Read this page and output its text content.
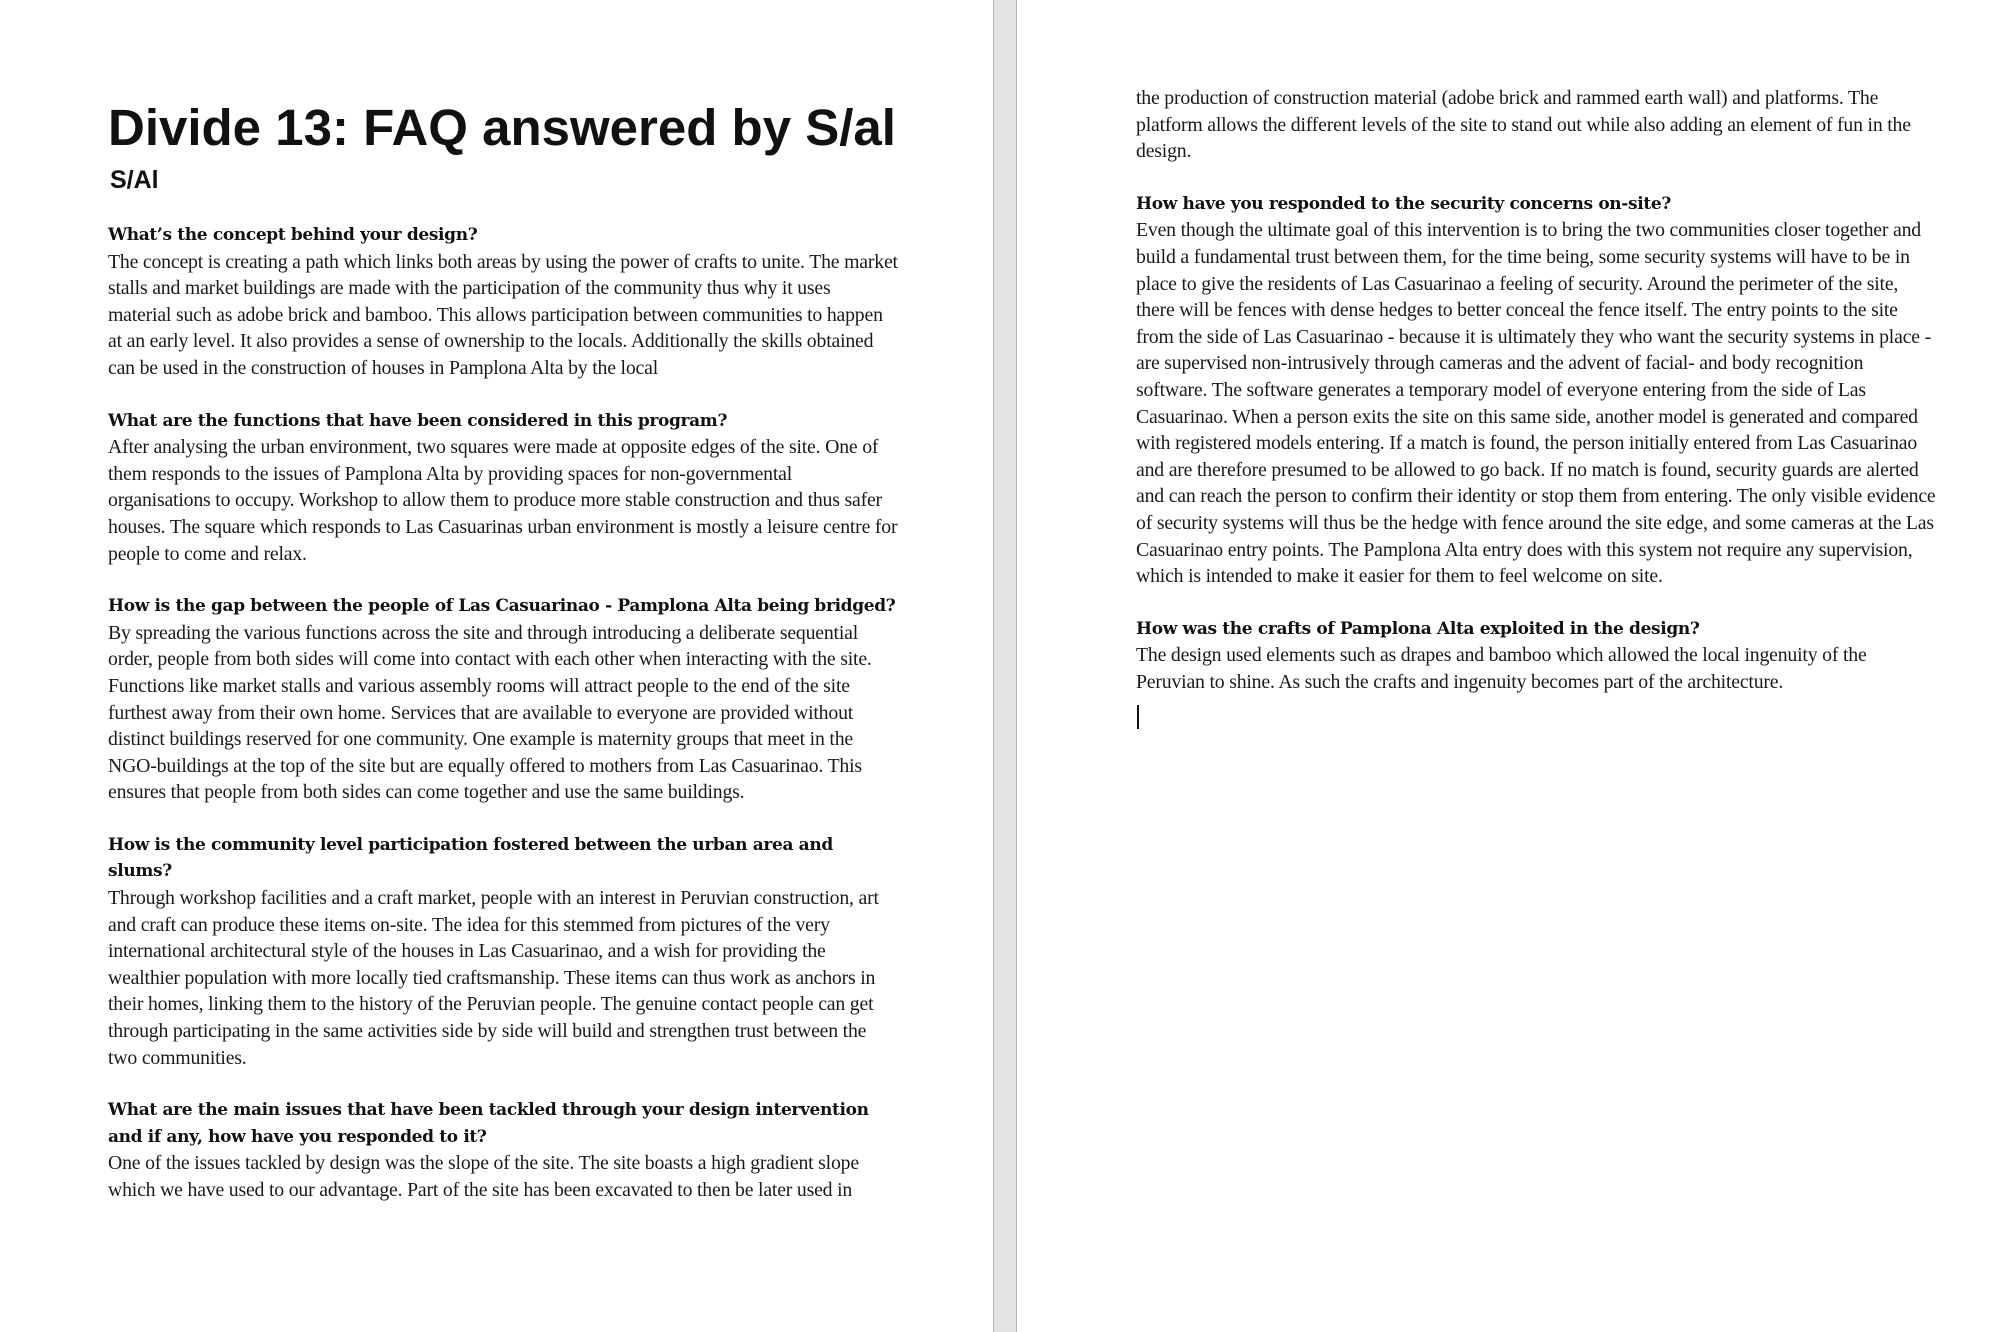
Divide 13: FAQ answered by S/al
S/Al

What’s the concept behind your design?

The concept is creating a path which links both areas by using the power of crafts to unite. The market stalls and market buildings are made with the participation of the community thus why it uses material such as adobe brick and bamboo. This allows participation between communities to happen at an early level. It also provides a sense of ownership to the locals. Additionally the skills obtained can be used in the construction of houses in Pamplona Alta by the local

What are the functions that have been considered in this program?

After analysing the urban environment, two squares were made at opposite edges of the site. One of them responds to the issues of Pamplona Alta by providing spaces for non-governmental organisations to occupy. Workshop to allow them to produce more stable construction and thus safer houses. The square which responds to Las Casuarinas urban environment is mostly a leisure centre for people to come and relax.

How is the gap between the people of Las Casuarinao - Pamplona Alta being bridged?

By spreading the various functions across the site and through introducing a deliberate sequential order, people from both sides will come into contact with each other when interacting with the site. Functions like market stalls and various assembly rooms will attract people to the end of the site furthest away from their own home. Services that are available to everyone are provided without distinct buildings reserved for one community. One example is maternity groups that meet in the NGO-buildings at the top of the site but are equally offered to mothers from Las Casuarinao. This ensures that people from both sides can come together and use the same buildings.

How is the community level participation fostered between the urban area and slums?

Through workshop facilities and a craft market, people with an interest in Peruvian construction, art and craft can produce these items on-site. The idea for this stemmed from pictures of the very international architectural style of the houses in Las Casuarinao, and a wish for providing the wealthier population with more locally tied craftsmanship. These items can thus work as anchors in their homes, linking them to the history of the Peruvian people. The genuine contact people can get through participating in the same activities side by side will build and strengthen trust between the two communities.

What are the main issues that have been tackled through your design intervention and if any, how have you responded to it?

One of the issues tackled by design was the slope of the site. The site boasts a high gradient slope which we have used to our advantage. Part of the site has been excavated to then be later used in

the production of construction material (adobe brick and rammed earth wall) and platforms. The platform allows the different levels of the site to stand out while also adding an element of fun in the design.

How have you responded to the security concerns on-site?

Even though the ultimate goal of this intervention is to bring the two communities closer together and build a fundamental trust between them, for the time being, some security systems will have to be in place to give the residents of Las Casuarinao a feeling of security. Around the perimeter of the site, there will be fences with dense hedges to better conceal the fence itself. The entry points to the site from the side of Las Casuarinao - because it is ultimately they who want the security systems in place - are supervised non-intrusively through cameras and the advent of facial- and body recognition software. The software generates a temporary model of everyone entering from the side of Las Casuarinao. When a person exits the site on this same side, another model is generated and compared with registered models entering. If a match is found, the person initially entered from Las Casuarinao and are therefore presumed to be allowed to go back. If no match is found, security guards are alerted and can reach the person to confirm their identity or stop them from entering. The only visible evidence of security systems will thus be the hedge with fence around the site edge, and some cameras at the Las Casuarinao entry points. The Pamplona Alta entry does with this system not require any supervision, which is intended to make it easier for them to feel welcome on site.

How was the crafts of Pamplona Alta exploited in the design?

The design used elements such as drapes and bamboo which allowed the local ingenuity of the Peruvian to shine. As such the crafts and ingenuity becomes part of the architecture.
